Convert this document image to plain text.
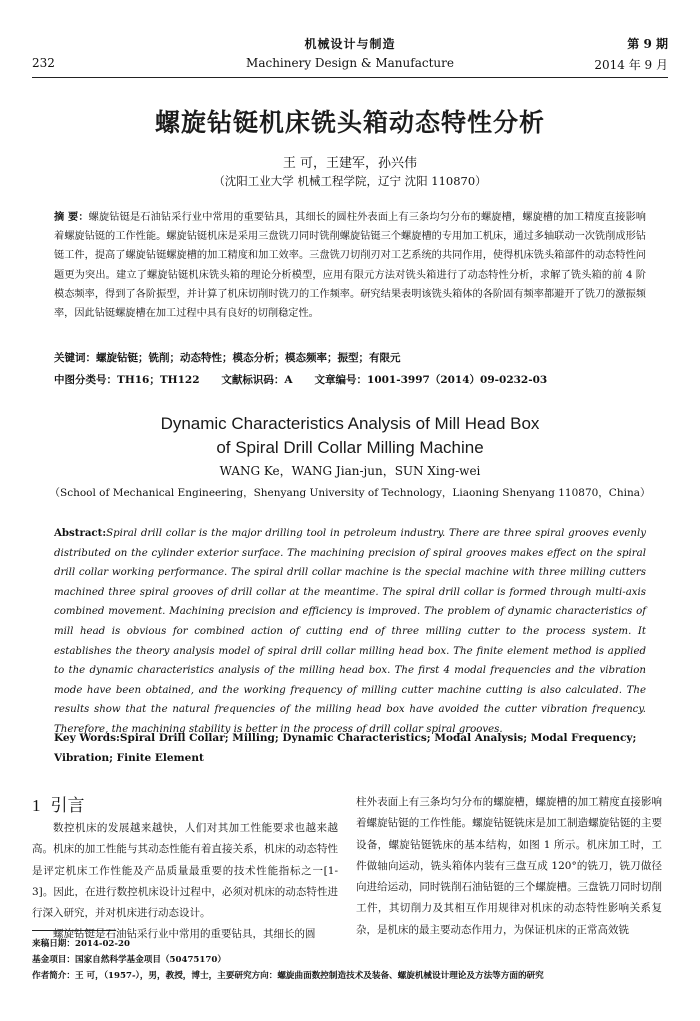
机械设计与制造	第 9 期
232	Machinery Design & Manufacture	2014 年 9 月
螺旋钻铤机床铣头箱动态特性分析
王 可，王建军，孙兴伟
（沈阳工业大学 机械工程学院，辽宁 沈阳 110870）
摘 要：螺旋钻铤是石油钻采行业中常用的重要钻具，其细长的圆柱外表面上有三条均匀分布的螺旋槽，螺旋槽的加工精度直接影响着螺旋钻铤的工作性能。螺旋钻铤机床是采用三盘铣刀同时铣削螺旋钻铤三个螺旋槽的专用加工机床，通过多轴联动一次铣削成形钻铤工件，提高了螺旋钻铤螺旋槽的加工精度和加工效率。三盘铣刀切削刃对工艺系统的共同作用，使得机床铣头箱部件的动态特性问题更为突出。建立了螺旋钻铤机床铣头箱的理论分析模型，应用有限元方法对铣头箱进行了动态特性分析，求解了铣头箱的前 4 阶模态频率，得到了各阶振型，并计算了机床切削时铣刀的工作频率。研究结果表明该铣头箱体的各阶固有频率都避开了铣刀的激振频率，因此钻铤螺旋槽在加工过程中具有良好的切削稳定性。
关键词：螺旋钻铤；铣削；动态特性；模态分析；模态频率；振型；有限元
中图分类号：TH16；TH122      文献标识码：A      文章编号：1001-3997（2014）09-0232-03
Dynamic Characteristics Analysis of Mill Head Box
of Spiral Drill Collar Milling Machine
WANG Ke，WANG Jian-jun，SUN Xing-wei
（School of Mechanical Engineering，Shenyang University of Technology，Liaoning Shenyang 110870，China）
Abstract:Spiral drill collar is the major drilling tool in petroleum industry. There are three spiral grooves evenly distributed on the cylinder exterior surface. The machining precision of spiral grooves makes effect on the spiral drill collar working performance. The spiral drill collar machine is the special machine with three milling cutters machined three spiral grooves of drill collar at the meantime. The spiral drill collar is formed through multi-axis combined movement. Machining precision and efficiency is improved. The problem of dynamic characteristics of mill head is obvious for combined action of cutting end of three milling cutter to the process system. It establishes the theory analysis model of spiral drill collar milling head box. The finite element method is applied to the dynamic characteristics analysis of the milling head box. The first 4 modal frequencies and the vibration mode have been obtained, and the working frequency of milling cutter machine cutting is also calculated. The results show that the natural frequencies of the milling head box have avoided the cutter vibration frequency. Therefore, the machining stability is better in the process of drill collar spiral grooves.
Key Words:Spiral Drill Collar; Milling; Dynamic Characteristics; Modal Analysis; Modal Frequency; Vibration; Finite Element
1 引言
数控机床的发展越来越快，人们对其加工性能要求也越来越高。机床的加工性能与其动态性能有着直接关系，机床的动态特性是评定机床工作性能及产品质量最重要的技术性能指标之一[1-3]。因此，在进行数控机床设计过程中，必须对机床的动态特性进行深入研究，并对机床进行动态设计。
螺旋钻铤是石油钻采行业中常用的重要钻具，其细长的圆
柱外表面上有三条均匀分布的螺旋槽，螺旋槽的加工精度直接影响着螺旋钻铤的工作性能。螺旋钻铤铣床是加工制造螺旋钻铤的主要设备，螺旋钻铤铣床的基本结构，如图 1 所示。机床加工时，工件做轴向运动，铣头箱体内装有三盘互成 120°的铣刀，铣刀做径向进给运动，同时铣削石油钻铤的三个螺旋槽。三盘铣刀同时切削工件，其切削力及其相互作用规律对机床的动态特性影响关系复杂，是机床的最主要动态作用力，为保证机床的正常高效铣
来稿日期：2014-02-20
基金项目：国家自然科学基金项目（50475170）
作者简介：王 可，（1957-），男，教授，博士，主要研究方向：螺旋曲面数控制造技术及装备、螺旋机械设计理论及方法等方面的研究
